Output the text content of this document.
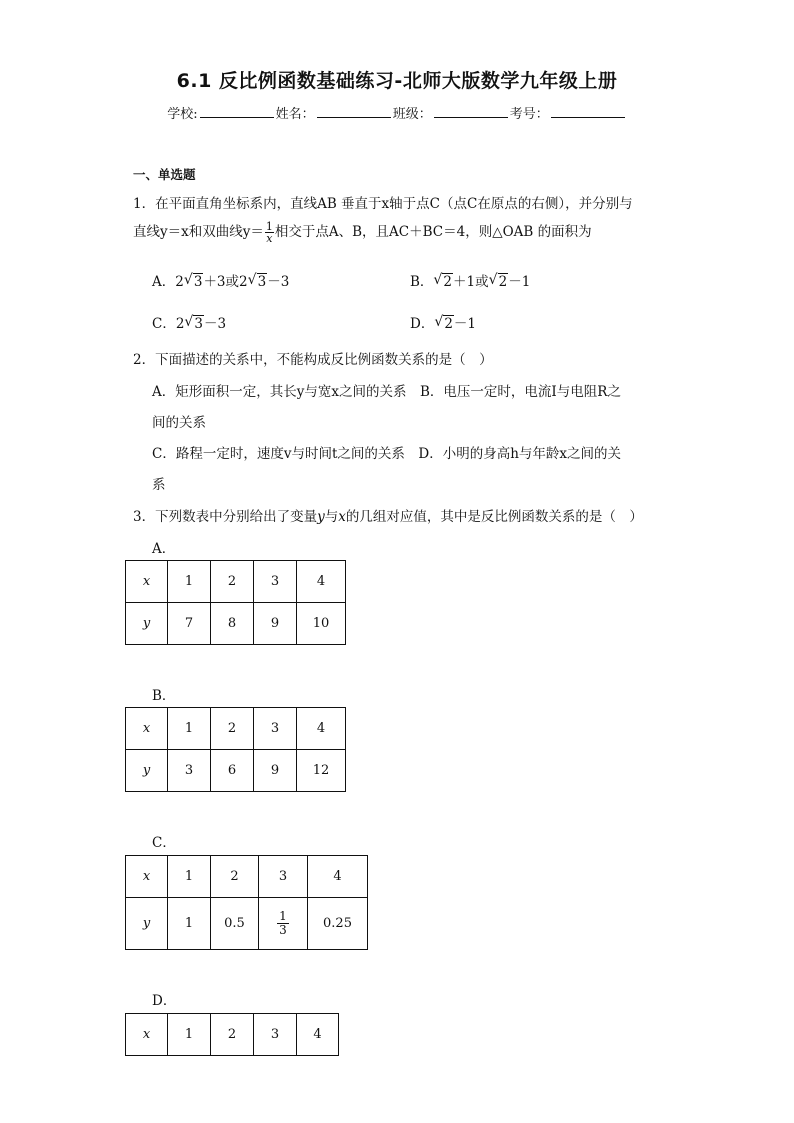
6.1 反比例函数基础练习-北师大版数学九年级上册
学校:	姓名：	班级：	考号：
一、单选题
1．在平面直角坐标系内，直线AB 垂直于x轴于点C（点C在原点的右侧），并分别与
直线y＝x和双曲线$y= \frac{1}{x}$ 相交于点A、B，且AC＋BC＝4，则△OAB 的面积为
A．2 √ 3＋3或2 √ 3－3	B． √ 2＋1或 √ 2－1
C．2 √ 3－3	D． √ 2－1
2．下面描述的关系中，不能构成反比例函数关系的是（　）
A．矩形面积一定，其长y与宽x之间的关系　B．电压一定时，电流I与电阻R之
间的关系
C．路程一定时，速度v与时间t之间的关系　D．小明的身高h与年龄x之间的关
系
3．下列数表中分别给出了变量y与x的几组对应值，其中是反比例函数关系的是（　）
A．
x	1	2	3	4
y	7	8	9	10
B．
x	1	2	3	4
y	3	6	9	12
C．
x	1	2	3	4
y	1	0.5	$\frac{1}{3}$	0.25
D．
x	1	2	3	4
